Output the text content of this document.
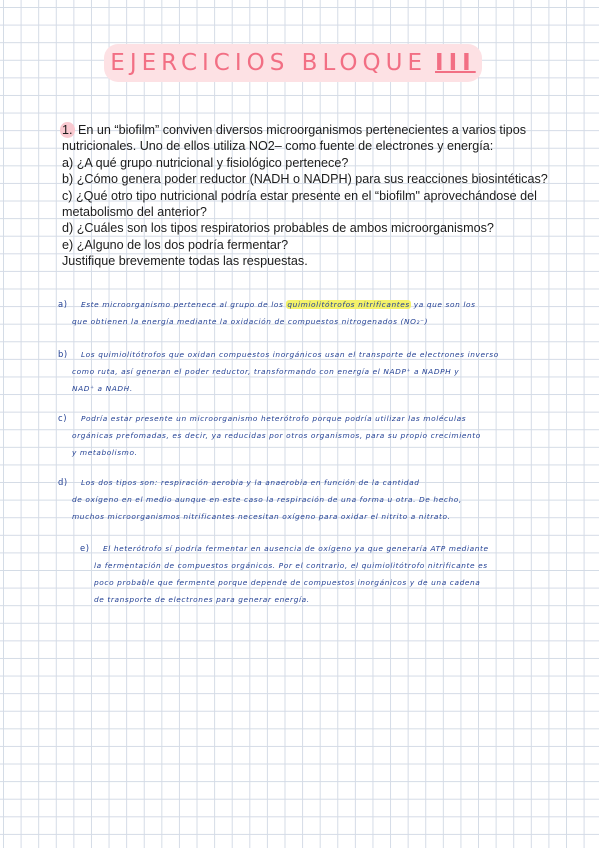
EJERCICIOS BLOQUE III
1. En un “biofilm” conviven diversos microorganismos pertenecientes a varios tipos
nutricionales. Uno de ellos utiliza NO2– como fuente de electrones y energía:
a) ¿A qué grupo nutricional y fisiológico pertenece?
b) ¿Cómo genera poder reductor (NADH o NADPH) para sus reacciones biosintéticas?
c) ¿Qué otro tipo nutricional podría estar presente en el “biofilm" aprovechándose del
metabolismo del anterior?
d) ¿Cuáles son los tipos respiratorios probables de ambos microorganismos?
e) ¿Alguno de los dos podría fermentar?
Justifique brevemente todas las respuestas.
a) Este microorganismo pertenece al grupo de los quimiolitótrofos nitrificantes ya que son los
que obtienen la energía mediante la oxidación de compuestos nitrogenados (NO₂⁻)
b) Los quimiolitótrofos que oxidan compuestos inorgánicos usan el transporte de electrones inverso
como ruta, así generan el poder reductor, transformando con energía el NADP⁺ a NADPH y
NAD⁺ a NADH.
c) Podría estar presente un microorganismo heterótrofo porque podría utilizar las moléculas
orgánicas prefomadas, es decir, ya reducidas por otros organismos, para su propio crecimiento
y metabolismo.
d) Los dos tipos son: respiración aerobia y la anaerobia en función de la cantidad
de oxígeno en el medio aunque en este caso la respiración de una forma u otra. De hecho,
muchos microorganismos nitrificantes necesitan oxígeno para oxidar el nitrito a nitrato.
e) El heterótrofo sí podría fermentar en ausencia de oxígeno ya que generaría ATP mediante
la fermentación de compuestos orgánicos. Por el contrario, el quimiolitótrofo nitrificante es
poco probable que fermente porque depende de compuestos inorgánicos y de una cadena
de transporte de electrones para generar energía.
